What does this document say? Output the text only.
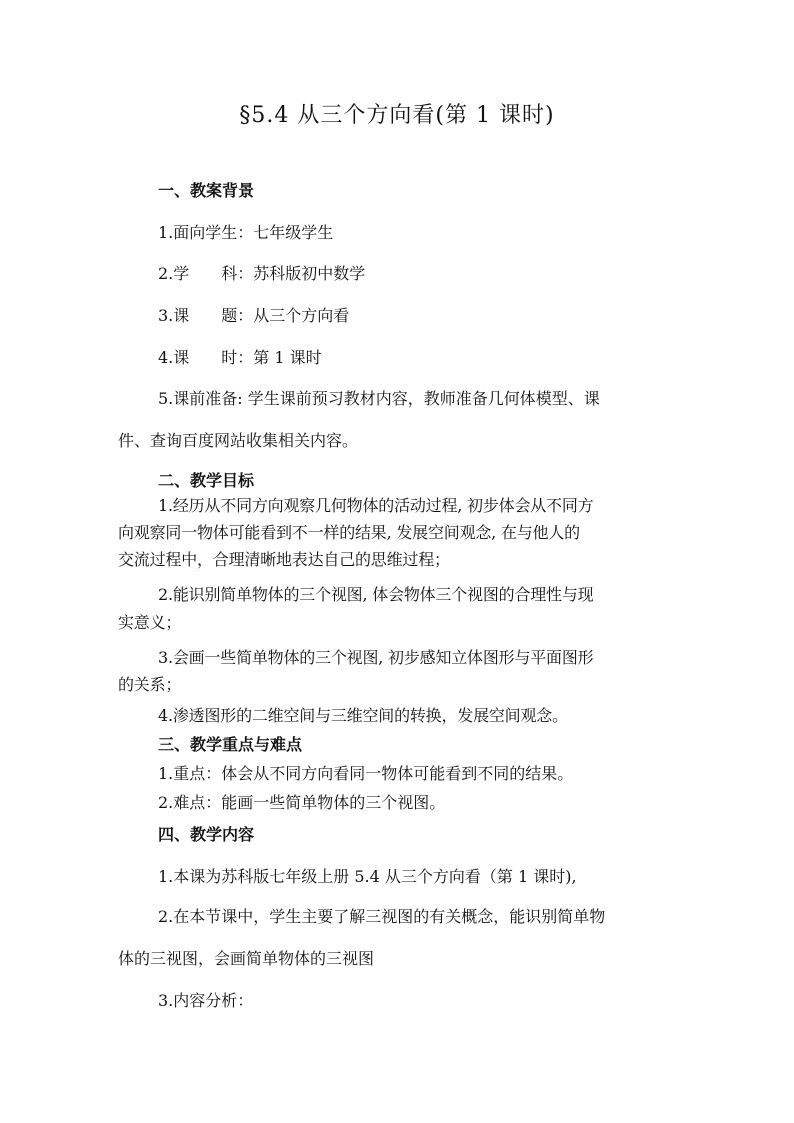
§5.4 从三个方向看(第 1 课时)
一、教案背景
1.面向学生：七年级学生
2.学　　科：苏科版初中数学
3.课　　题：从三个方向看
4.课　　时：第 1 课时
5.课前准备: 学生课前预习教材内容，教师准备几何体模型、课
件、查询百度网站收集相关内容。
二、教学目标
1.经历从不同方向观察几何物体的活动过程, 初步体会从不同方
向观察同一物体可能看到不一样的结果, 发展空间观念, 在与他人的
交流过程中，合理清晰地表达自己的思维过程；
2.能识别简单物体的三个视图, 体会物体三个视图的合理性与现
实意义；
3.会画一些简单物体的三个视图, 初步感知立体图形与平面图形
的关系；
4.渗透图形的二维空间与三维空间的转换，发展空间观念。
三、教学重点与难点
1.重点：体会从不同方向看同一物体可能看到不同的结果。
2.难点：能画一些简单物体的三个视图。
四、教学内容
1.本课为苏科版七年级上册 5.4 从三个方向看（第 1 课时),
2.在本节课中，学生主要了解三视图的有关概念，能识别简单物
体的三视图，会画简单物体的三视图
3.内容分析：
